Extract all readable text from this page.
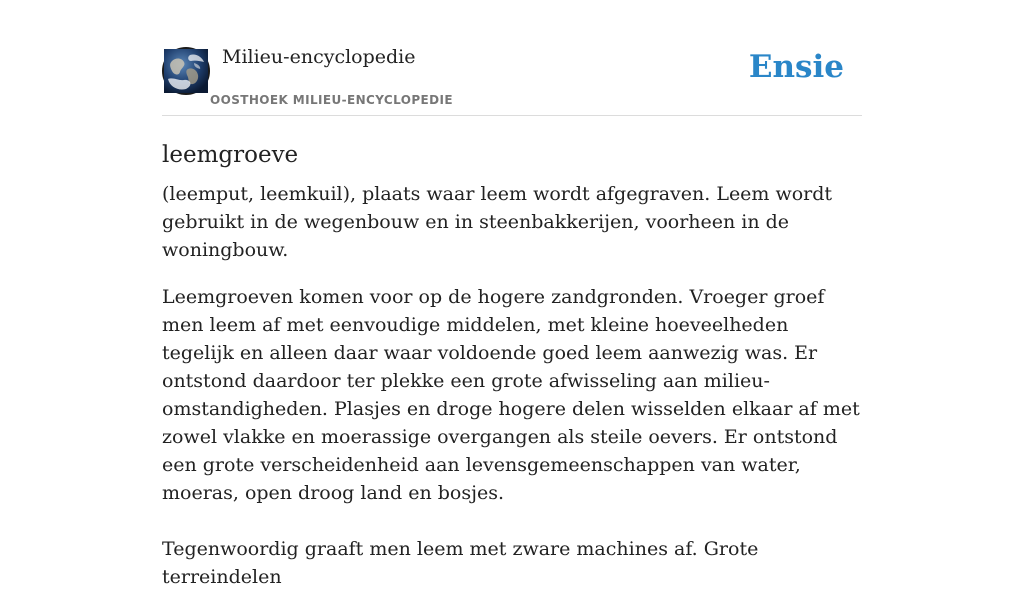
Milieu-encyclopedie
OOSTHOEK MILIEU-ENCYCLOPEDIE
Ensie
leemgroeve

(leemput, leemkuil), plaats waar leem wordt afgegraven. Leem wordt gebruikt in de wegenbouw en in steenbakkerijen, voorheen in de woningbouw.

Leemgroeven komen voor op de hogere zandgronden. Vroeger groef men leem af met eenvoudige middelen, met kleine hoeveelheden tegelijk en alleen daar waar voldoende goed leem aanwezig was. Er ontstond daardoor ter plekke een grote afwisseling aan milieu-omstandigheden. Plasjes en droge hogere delen wisselden elkaar af met zowel vlakke en moerassige overgangen als steile oevers. Er ontstond een grote verscheidenheid aan levensgemeenschappen van water, moeras, open droog land en bosjes.

Tegenwoordig graaft men leem met zware machines af. Grote terreindelen
